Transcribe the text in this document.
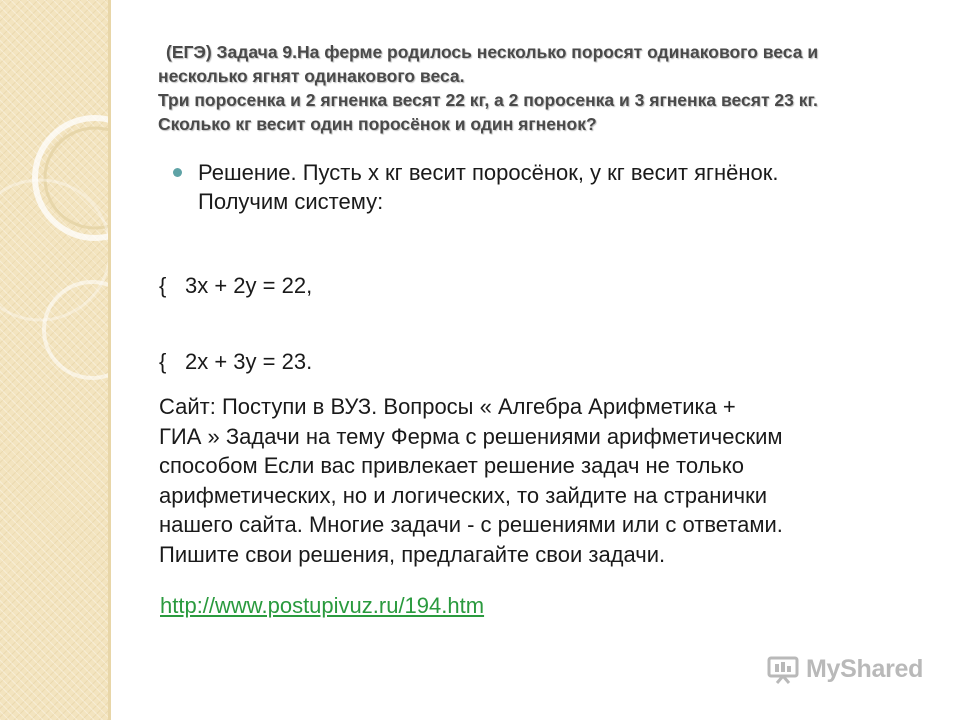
(ЕГЭ) Задача 9.На ферме родилось несколько поросят одинакового веса и
несколько ягнят одинакового веса.
Три поросенка и 2 ягненка весят 22 кг, а 2 поросенка и 3 ягненка весят 23 кг.
Сколько кг весит один поросёнок и один ягненок?
Решение. Пусть х кг весит поросёнок, у кг весит ягнёнок.
Получим систему:
{ 3х + 2у = 22,
{ 2х + 3у = 23.
Сайт: Поступи в ВУЗ. Вопросы « Алгебра Арифметика +
ГИА » Задачи на тему Ферма с решениями арифметическим
способом Если вас привлекает решение задач не только
арифметических, но и логических, то зайдите на странички
нашего сайта. Многие задачи - с решениями или с ответами.
Пишите свои решения, предлагайте свои задачи.
http://www.postupivuz.ru/194.htm
MyShared
